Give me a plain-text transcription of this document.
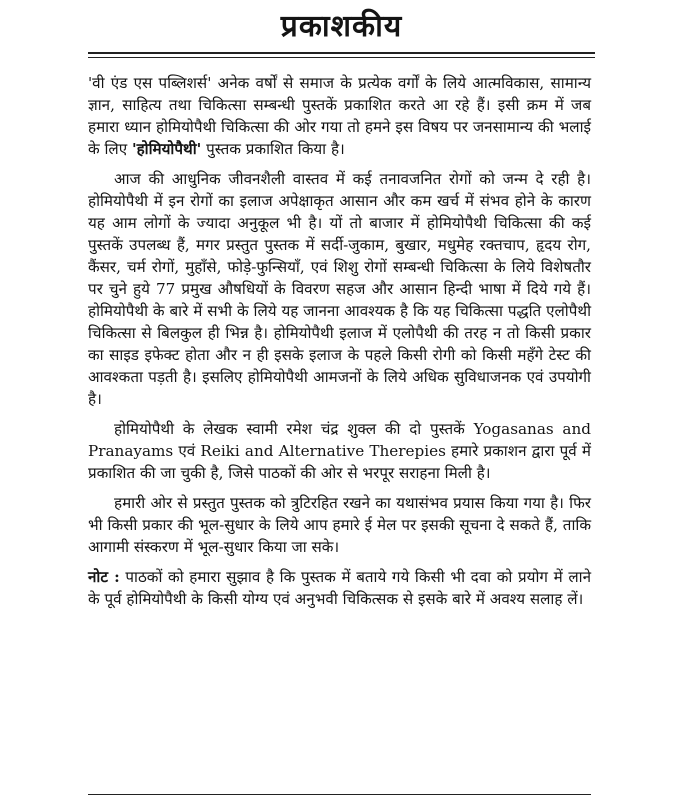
प्रकाशकीय

'वी एंड एस पब्लिशर्स' अनेक वर्षों से समाज के प्रत्येक वर्गों के लिये आत्मविकास, सामान्य ज्ञान, साहित्य तथा चिकित्सा सम्बन्धी पुस्तकें प्रकाशित करते आ रहे हैं। इसी क्रम में जब हमारा ध्यान होमियोपैथी चिकित्सा की ओर गया तो हमने इस विषय पर जनसामान्य की भलाई के लिए 'होमियोपैथी' पुस्तक प्रकाशित किया है।

आज की आधुनिक जीवनशैली वास्तव में कई तनावजनित रोगों को जन्म दे रही है। होमियोपैथी में इन रोगों का इलाज अपेक्षाकृत आसान और कम खर्च में संभव होने के कारण यह आम लोगों के ज्यादा अनुकूल भी है। यों तो बाजार में होमियोपैथी चिकित्सा की कई पुस्तकें उपलब्ध हैं, मगर प्रस्तुत पुस्तक में सर्दी-जुकाम, बुखार, मधुमेह रक्तचाप, हृदय रोग, कैंसर, चर्म रोगों, मुहाँसे, फोड़े-फुन्सियाँ, एवं शिशु रोगों सम्बन्धी चिकित्सा के लिये विशेषतौर पर चुने हुये 77 प्रमुख औषधियों के विवरण सहज और आसान हिन्दी भाषा में दिये गये हैं। होमियोपैथी के बारे में सभी के लिये यह जानना आवश्यक है कि यह चिकित्सा पद्धति एलोपैथी चिकित्सा से बिलकुल ही भिन्न है। होमियोपैथी इलाज में एलोपैथी की तरह न तो किसी प्रकार का साइड इफेक्ट होता और न ही इसके इलाज के पहले किसी रोगी को किसी महँगे टेस्ट की आवश्कता पड़ती है। इसलिए होमियोपैथी आमजनों के लिये अधिक सुविधाजनक एवं उपयोगी है।

होमियोपैथी के लेखक स्वामी रमेश चंद्र शुक्ल की दो पुस्तकें Yogasanas and Pranayams एवं Reiki and Alternative Therepies हमारे प्रकाशन द्वारा पूर्व में प्रकाशित की जा चुकी है, जिसे पाठकों की ओर से भरपूर सराहना मिली है।

हमारी ओर से प्रस्तुत पुस्तक को त्रुटिरहित रखने का यथासंभव प्रयास किया गया है। फिर भी किसी प्रकार की भूल-सुधार के लिये आप हमारे ई मेल पर इसकी सूचना दे सकते हैं, ताकि आगामी संस्करण में भूल-सुधार किया जा सके।

नोट : पाठकों को हमारा सुझाव है कि पुस्तक में बताये गये किसी भी दवा को प्रयोग में लाने के पूर्व होमियोपैथी के किसी योग्य एवं अनुभवी चिकित्सक से इसके बारे में अवश्य सलाह लें।
